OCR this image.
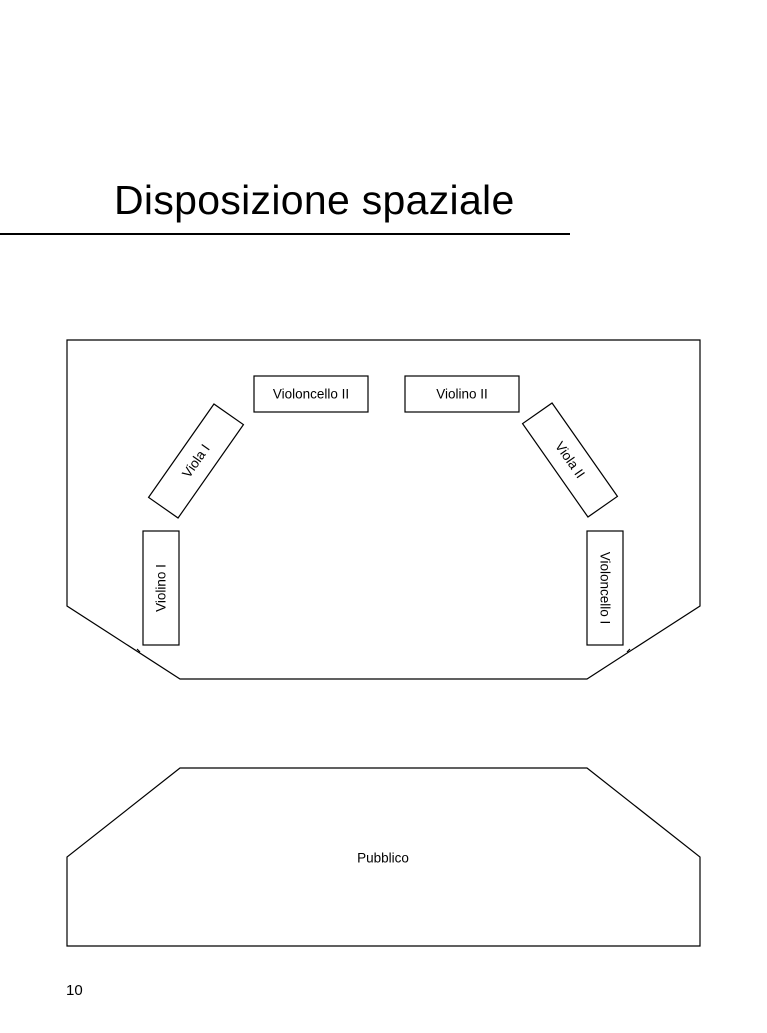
Disposizione spaziale
Violino I
Viola I
Violoncello II	Violino II
Viola II
Violoncello I
Pubblico
10
